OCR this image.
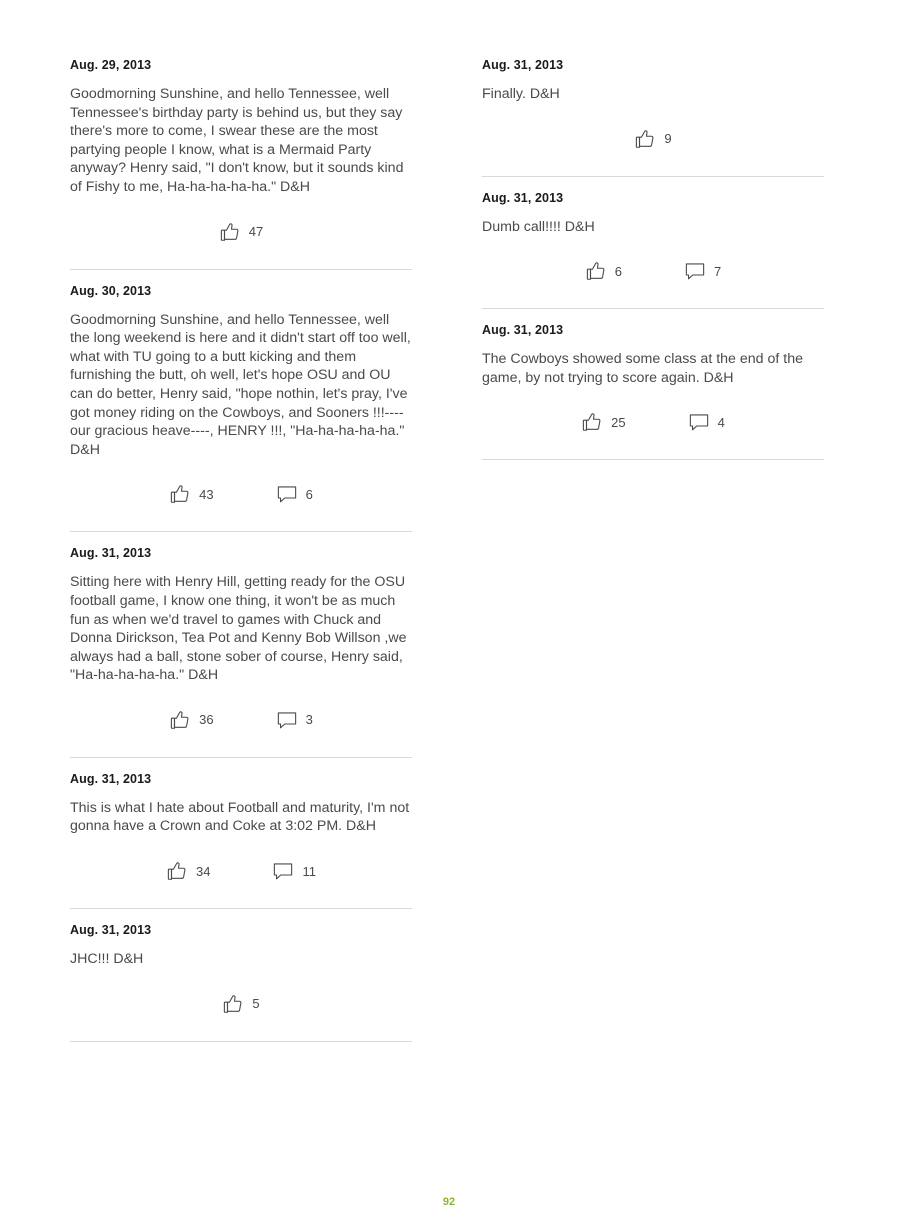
Aug. 29, 2013
Goodmorning Sunshine, and hello Tennessee, well Tennessee's birthday party is behind us, but they say there's more to come, I swear these are the most partying people I know, what is a Mermaid Party anyway? Henry said, "I don't know, but it sounds kind of Fishy to me, Ha-ha-ha-ha-ha." D&H
47
Aug. 30, 2013
Goodmorning Sunshine, and hello Tennessee, well the long weekend is here and it didn't start off too well, what with TU going to a butt kicking and them furnishing the butt, oh well, let's hope OSU and OU can do better, Henry said, "hope nothin, let's pray, I've got money riding on the Cowboys, and Sooners !!!----our gracious heave----, HENRY !!!, "Ha-ha-ha-ha-ha." D&H
43	6
Aug. 31, 2013
Sitting here with Henry Hill, getting ready for the OSU football game, I know one thing, it won't be as much fun as when we'd travel to games with Chuck and Donna Dirickson, Tea Pot and Kenny Bob Willson ,we always had a ball, stone sober of course, Henry said, "Ha-ha-ha-ha-ha." D&H
36	3
Aug. 31, 2013
This is what I hate about Football and maturity, I'm not gonna have a Crown and Coke at 3:02 PM. D&H
34	11
Aug. 31, 2013
JHC!!! D&H
5
Aug. 31, 2013
Finally. D&H
9
Aug. 31, 2013
Dumb call!!!! D&H
6	7
Aug. 31, 2013
The Cowboys showed some class at the end of the game, by not trying to score again. D&H
25	4
92
